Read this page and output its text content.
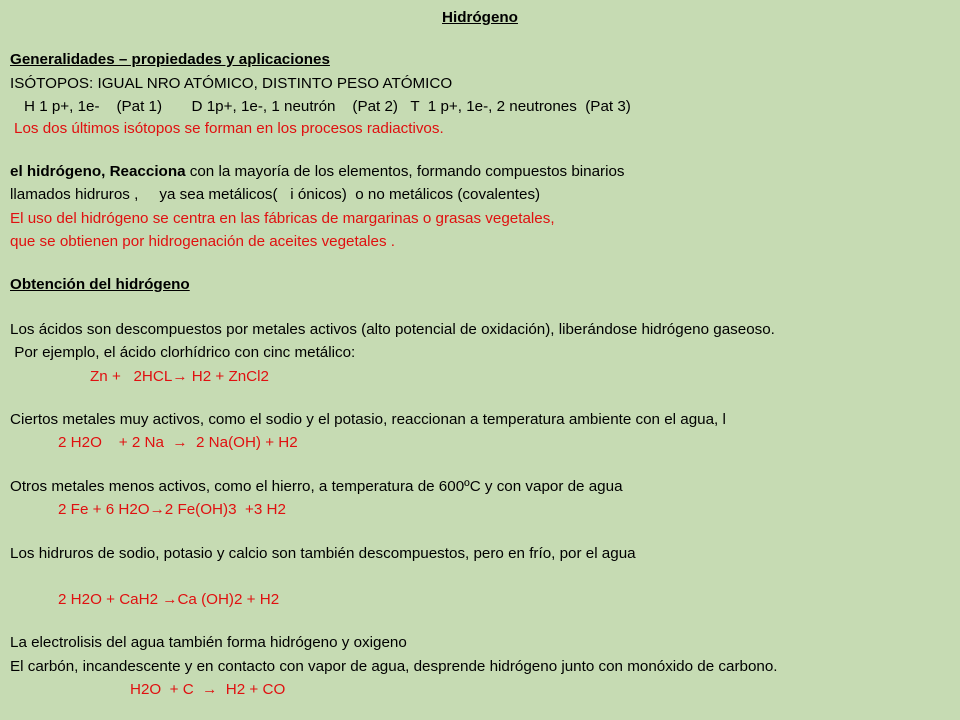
Hidrógeno
Generalidades – propiedades y aplicaciones
ISÓTOPOS: IGUAL NRO ATÓMICO, DISTINTO PESO ATÓMICO
H 1 p+, 1e-    (Pat 1)       D 1p+, 1e-, 1 neutrón    (Pat 2)   T  1 p+, 1e-, 2 neutrones  (Pat 3)
Los dos últimos isótopos se forman en los procesos radiactivos.
el hidrógeno, Reacciona con la mayoría de los elementos, formando compuestos binarios
llamados hidruros ,     ya sea metálicos(   i ónicos)  o no metálicos (covalentes)
El uso del hidrógeno se centra en las fábricas de margarinas o grasas vegetales,
que se obtienen por hidrogenación de aceites vegetales .
Obtención del hidrógeno
Los ácidos son descompuestos por metales activos (alto potencial de oxidación), liberándose hidrógeno gaseoso.
Por ejemplo, el ácido clorhídrico con cinc metálico:
Zn +   2HCL→ H2 + ZnCl2
Ciertos metales muy activos, como el sodio y el potasio, reaccionan a temperatura ambiente con el agua, l
2 H2O    + 2 Na  →  2 Na(OH) + H2
Otros metales menos activos, como el hierro, a temperatura de 600ºC y con vapor de agua
2 Fe + 6 H2O→2 Fe(OH)3  +3 H2
Los hidruros de sodio, potasio y calcio son también descompuestos, pero en frío, por el agua
2 H2O + CaH2 →Ca (OH)2 + H2
La electrolisis del agua también forma hidrógeno y oxigeno
El carbón, incandescente y en contacto con vapor de agua, desprende hidrógeno junto con monóxido de carbono.
H2O  + C  →  H2 + CO
